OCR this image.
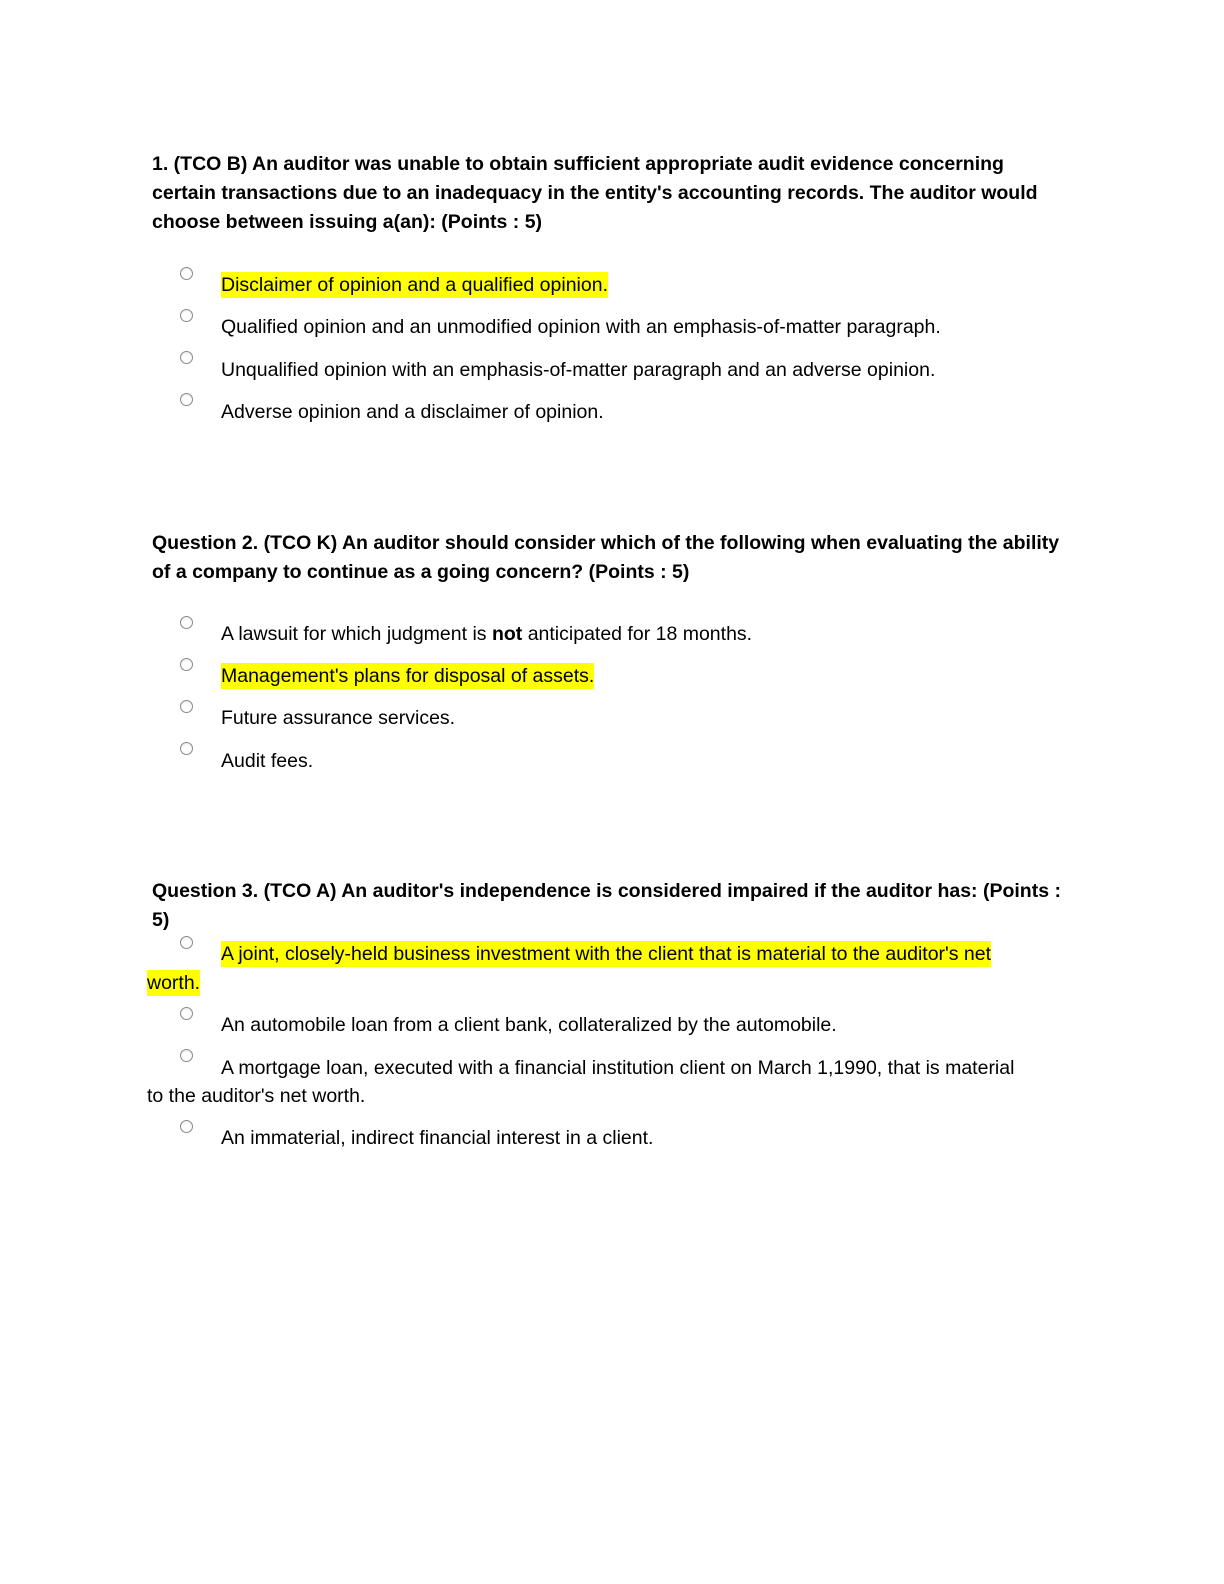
1. (TCO B) An auditor was unable to obtain sufficient appropriate audit evidence concerning certain transactions due to an inadequacy in the entity's accounting records. The auditor would choose between issuing a(an): (Points : 5)

Disclaimer of opinion and a qualified opinion.
Qualified opinion and an unmodified opinion with an emphasis-of-matter paragraph.
Unqualified opinion with an emphasis-of-matter paragraph and an adverse opinion.
Adverse opinion and a disclaimer of opinion.

Question 2. (TCO K) An auditor should consider which of the following when evaluating the ability of a company to continue as a going concern? (Points : 5)

A lawsuit for which judgment is not anticipated for 18 months.
Management's plans for disposal of assets.
Future assurance services.
Audit fees.

Question 3. (TCO A) An auditor's independence is considered impaired if the auditor has: (Points : 5)

A joint, closely-held business investment with the client that is material to the auditor's net
worth.
An automobile loan from a client bank, collateralized by the automobile.
A mortgage loan, executed with a financial institution client on March 1,1990, that is material
to the auditor's net worth.
An immaterial, indirect financial interest in a client.
